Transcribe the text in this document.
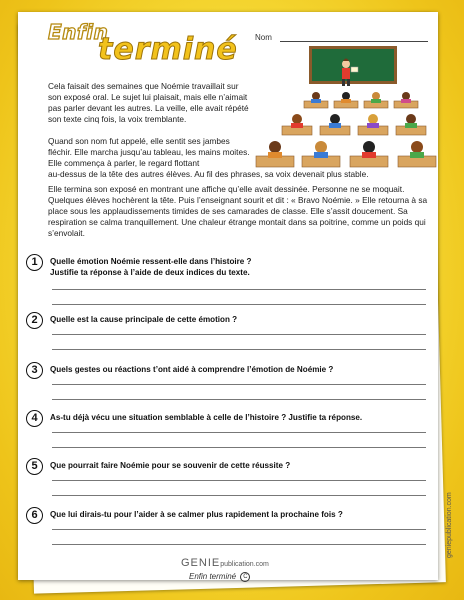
Enfin
terminé Nom

Cela faisait des semaines que Noémie travaillait sur son exposé oral. Le sujet lui plaisait, mais elle n’aimait pas parler devant les autres. La veille, elle avait répété son texte cinq fois, la voix tremblante.

Quand son nom fut appelé, elle sentit ses jambes fléchir. Elle marcha jusqu’au tableau, les mains moites. Elle commença à parler, le regard flottant

au-dessus de la tête des autres élèves. Au fil des phrases, sa voix devenait plus stable.

Elle termina son exposé en montrant une affiche qu’elle avait dessinée. Personne ne se moquait. Quelques élèves hochèrent la tête. Puis l’enseignant sourit et dit : « Bravo Noémie. » Elle retourna à sa place sous les applaudissements timides de ses camarades de classe. Elle s’assit doucement. Sa respiration se calma tranquillement. Une chaleur étrange montait dans sa poitrine, comme un poids qui s’envolait.

1	Quelle émotion Noémie ressent-elle dans l’histoire ?
Justifie ta réponse à l’aide de deux indices du texte.
2	Quelle est la cause principale de cette émotion ?
3	Quels gestes ou réactions t’ont aidé à comprendre l’émotion de Noémie ?
4	As-tu déjà vécu une situation semblable à celle de l’histoire ? Justifie ta réponse.
5	Que pourrait faire Noémie pour se souvenir de cette réussite ?
6	Que lui dirais-tu pour l’aider à se calmer plus rapidement la prochaine fois ?	geniepublication.com
GENIEpublication.com
Enfin terminé C
